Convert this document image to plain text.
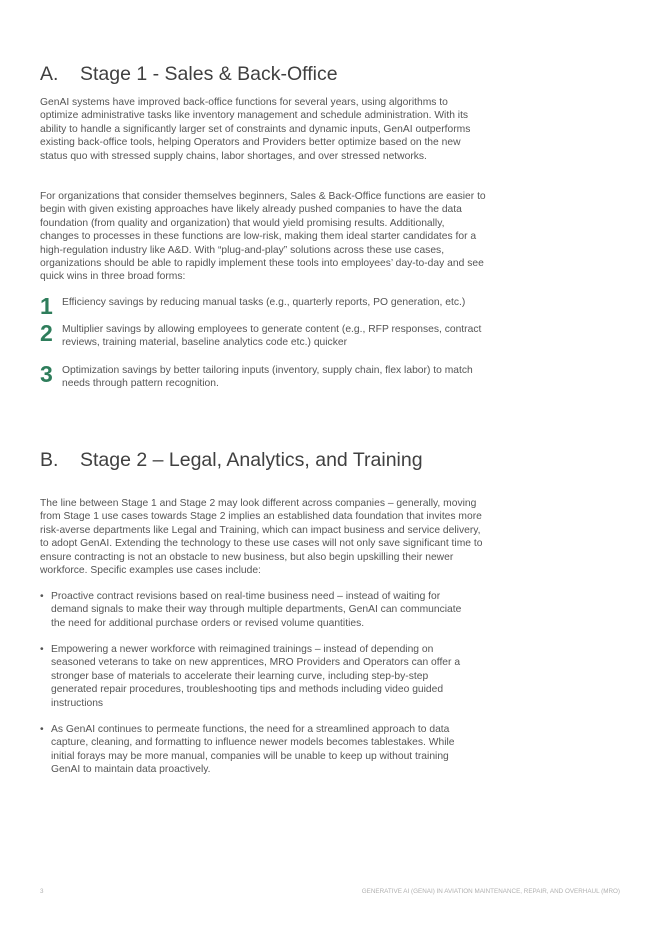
A. Stage 1 - Sales & Back-Office

GenAI systems have improved back-office functions for several years, using algorithms to optimize administrative tasks like inventory management and schedule administration. With its ability to handle a significantly larger set of constraints and dynamic inputs, GenAI outperforms existing back-office tools, helping Operators and Providers better optimize based on the new status quo with stressed supply chains, labor shortages, and over stressed networks.

For organizations that consider themselves beginners, Sales & Back-Office functions are easier to begin with given existing approaches have likely already pushed companies to have the data foundation (from quality and organization) that would yield promising results. Additionally, changes to processes in these functions are low-risk, making them ideal starter candidates for a high-regulation industry like A&D. With “plug-and-play” solutions across these use cases, organizations should be able to rapidly implement these tools into employees’ day-to-day and see quick wins in three broad forms:

1 Efficiency savings by reducing manual tasks (e.g., quarterly reports, PO generation, etc.)
2 Multiplier savings by allowing employees to generate content (e.g., RFP responses, contract reviews, training material, baseline analytics code etc.) quicker
3 Optimization savings by better tailoring inputs (inventory, supply chain, flex labor) to match needs through pattern recognition.
B. Stage 2 – Legal, Analytics, and Training

The line between Stage 1 and Stage 2 may look different across companies – generally, moving from Stage 1 use cases towards Stage 2 implies an established data foundation that invites more risk-averse departments like Legal and Training, which can impact business and service delivery, to adopt GenAI. Extending the technology to these use cases will not only save significant time to ensure contracting is not an obstacle to new business, but also begin upskilling their newer workforce. Specific examples use cases include:

• Proactive contract revisions based on real-time business need – instead of waiting for demand signals to make their way through multiple departments, GenAI can communciate the need for additional purchase orders or revised volume quantities.
• Empowering a newer workforce with reimagined trainings – instead of depending on seasoned veterans to take on new apprentices, MRO Providers and Operators can offer a stronger base of materials to accelerate their learning curve, including step-by-step generated repair procedures, troubleshooting tips and methods including video guided instructions
• As GenAI continues to permeate functions, the need for a streamlined approach to data capture, cleaning, and formatting to influence newer models becomes tablestakes. While initial forays may be more manual, companies will be unable to keep up without training GenAI to maintain data proactively.
3	GENERATIVE AI (GENAI) IN AVIATION MAINTENANCE, REPAIR, AND OVERHAUL (MRO)
